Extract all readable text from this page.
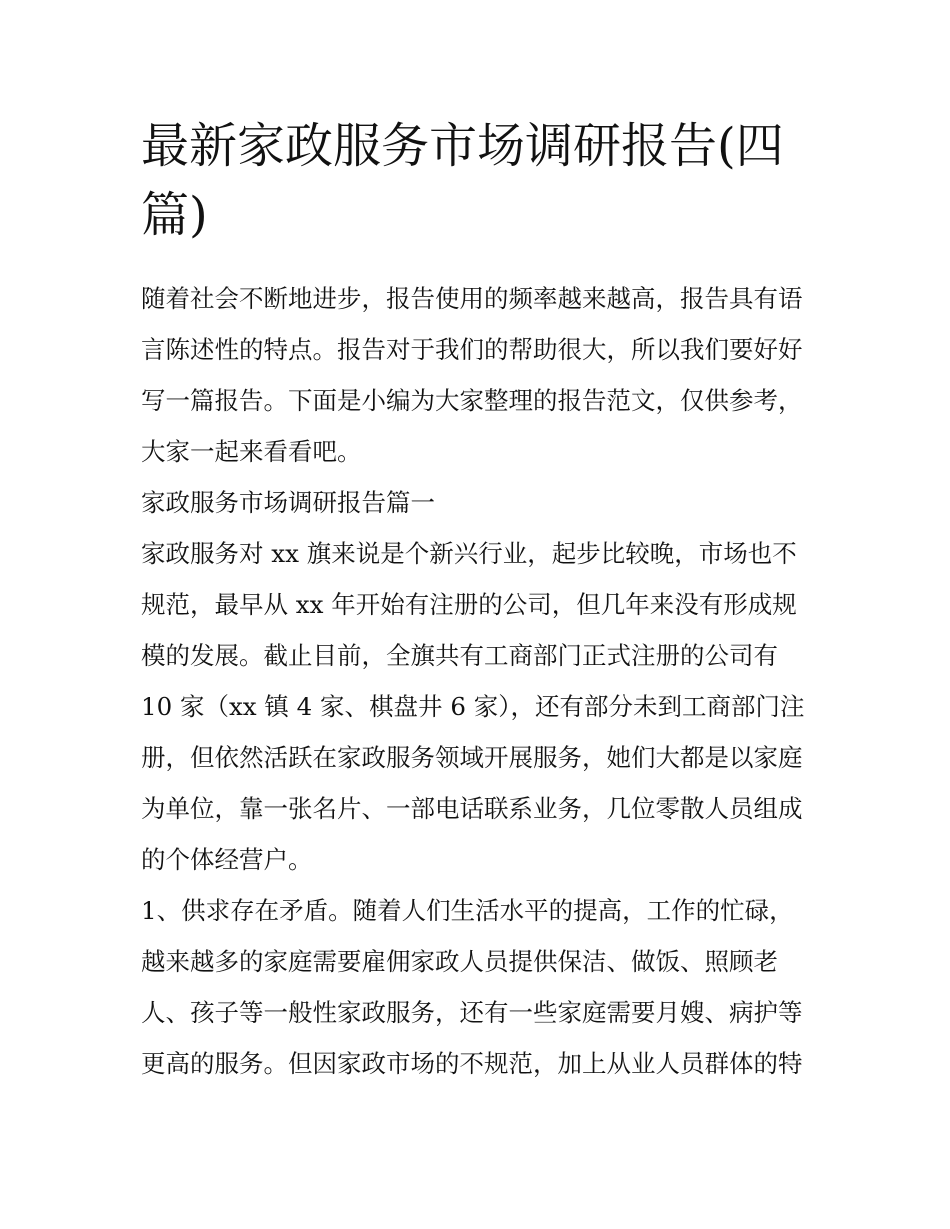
最新家政服务市场调研报告(四
篇)

随着社会不断地进步，报告使用的频率越来越高，报告具有语
言陈述性的特点。报告对于我们的帮助很大，所以我们要好好
写一篇报告。下面是小编为大家整理的报告范文，仅供参考，
大家一起来看看吧。

家政服务市场调研报告篇一

家政服务对 xx 旗来说是个新兴行业，起步比较晚，市场也不
规范，最早从 xx 年开始有注册的公司，但几年来没有形成规
模的发展。截止目前，全旗共有工商部门正式注册的公司有
10 家（xx 镇 4 家、棋盘井 6 家），还有部分未到工商部门注
册，但依然活跃在家政服务领域开展服务，她们大都是以家庭
为单位，靠一张名片、一部电话联系业务，几位零散人员组成
的个体经营户。

1、供求存在矛盾。随着人们生活水平的提高，工作的忙碌，
越来越多的家庭需要雇佣家政人员提供保洁、做饭、照顾老
人、孩子等一般性家政服务，还有一些家庭需要月嫂、病护等
更高的服务。但因家政市场的不规范，加上从业人员群体的特
